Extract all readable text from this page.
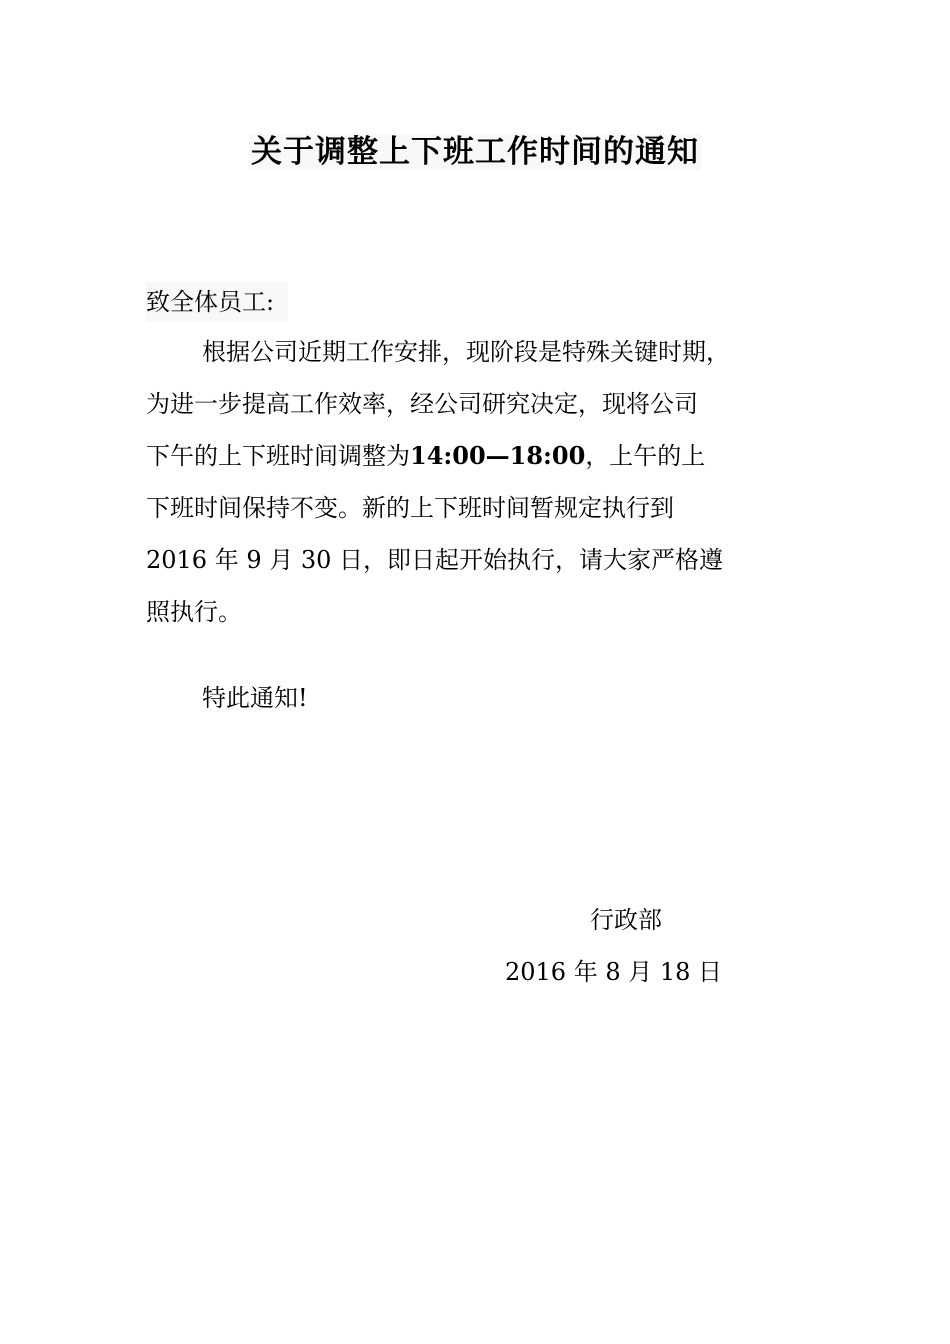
关于调整上下班工作时间的通知
致全体员工:
根据公司近期工作安排，现阶段是特殊关键时期，
为进一步提高工作效率，经公司研究决定，现将公司
下午的上下班时间调整为14:00—18:00，上午的上
下班时间保持不变。新的上下班时间暂规定执行到
2016 年 9 月 30 日，即日起开始执行，请大家严格遵
照执行。
特此通知!
行政部
2016 年 8 月 18 日
